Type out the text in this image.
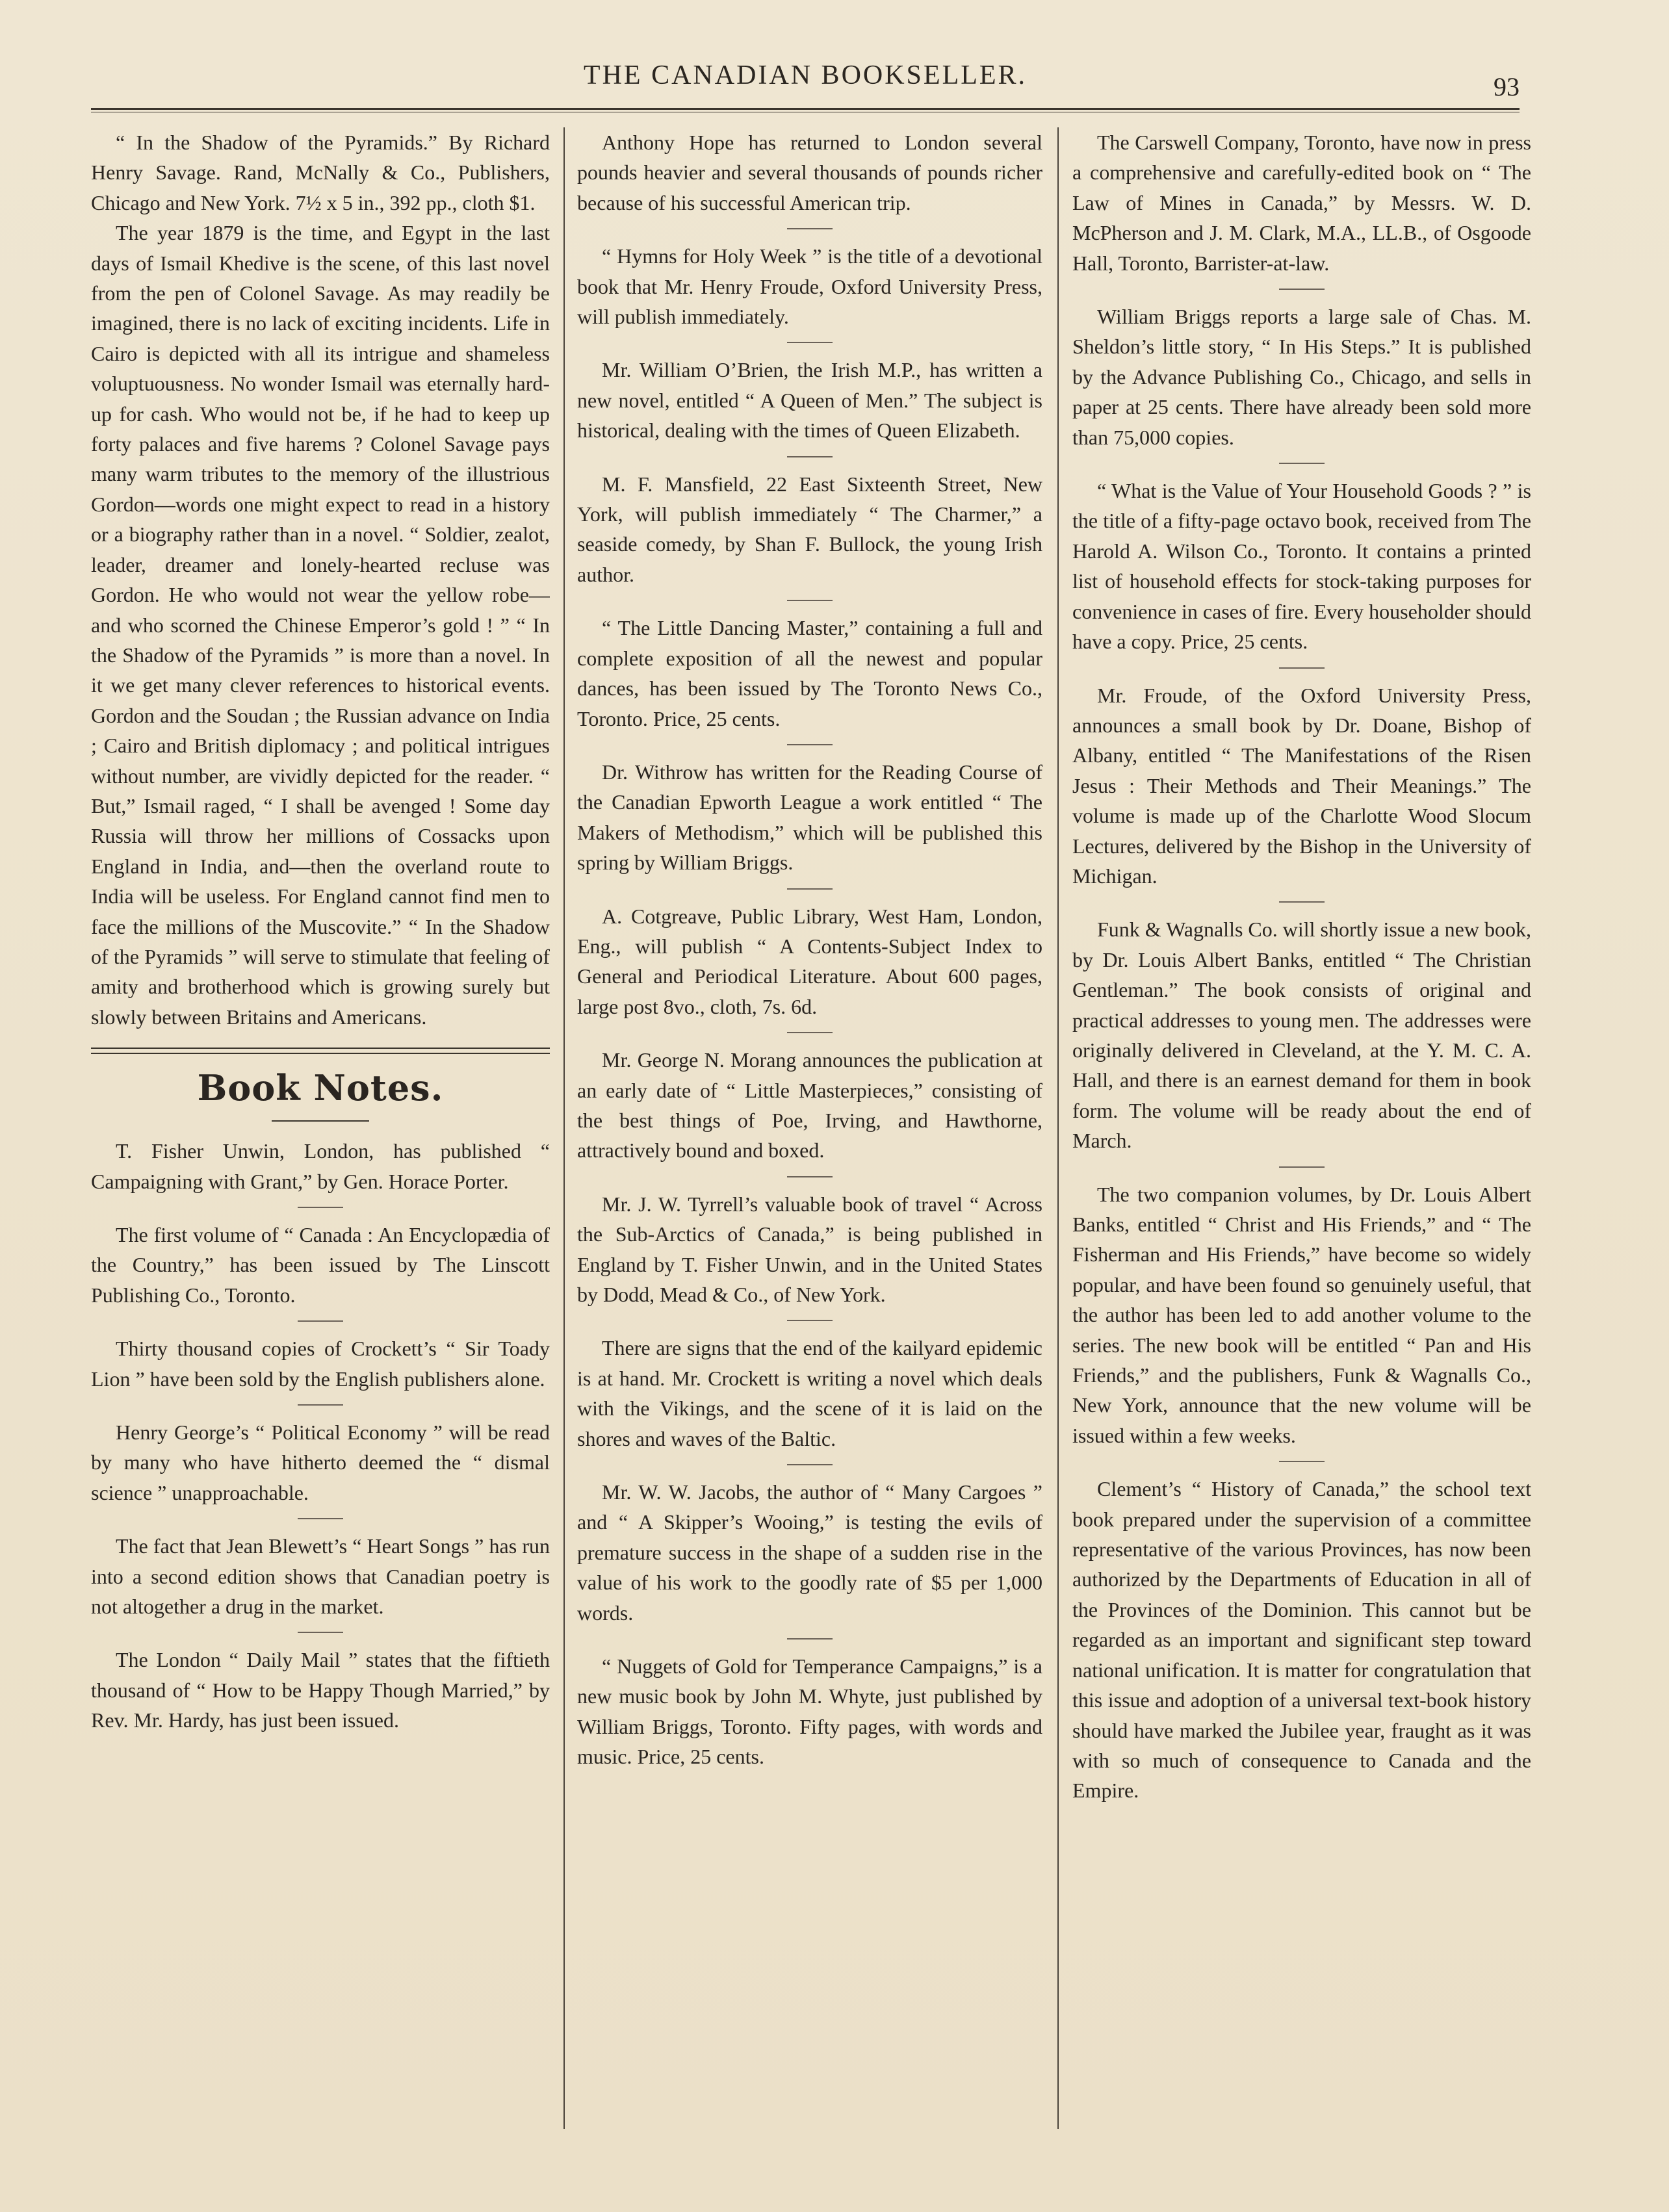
THE CANADIAN BOOKSELLER.	93

“ In the Shadow of the Pyramids.” By Richard Henry Savage. Rand, McNally & Co., Publishers, Chicago and New York. 7½ x 5 in., 392 pp., cloth $1.

The year 1879 is the time, and Egypt in the last days of Ismail Khedive is the scene, of this last novel from the pen of Colonel Savage. As may readily be imagined, there is no lack of exciting incidents. Life in Cairo is depicted with all its intrigue and shameless voluptuousness. No wonder Ismail was eternally hard-up for cash. Who would not be, if he had to keep up forty palaces and five harems ? Colonel Savage pays many warm tributes to the memory of the illustrious Gordon—words one might expect to read in a history or a biography rather than in a novel. “ Soldier, zealot, leader, dreamer and lonely-hearted recluse was Gordon. He who would not wear the yellow robe—and who scorned the Chinese Emperor’s gold ! ” “ In the Shadow of the Pyramids ” is more than a novel. In it we get many clever references to historical events. Gordon and the Soudan ; the Russian advance on India ; Cairo and British diplomacy ; and political intrigues without number, are vividly depicted for the reader. “ But,” Ismail raged, “ I shall be avenged ! Some day Russia will throw her millions of Cossacks upon England in India, and—then the overland route to India will be useless. For England cannot find men to face the millions of the Muscovite.” “ In the Shadow of the Pyramids ” will serve to stimulate that feeling of amity and brotherhood which is growing surely but slowly between Britains and Americans.

Book Notes.

T. Fisher Unwin, London, has published “ Campaigning with Grant,” by Gen. Horace Porter.

The first volume of “ Canada : An Encyclopædia of the Country,” has been issued by The Linscott Publishing Co., Toronto.

Thirty thousand copies of Crockett’s “ Sir Toady Lion ” have been sold by the English publishers alone.

Henry George’s “ Political Economy ” will be read by many who have hitherto deemed the “ dismal science ” unapproachable.

The fact that Jean Blewett’s “ Heart Songs ” has run into a second edition shows that Canadian poetry is not altogether a drug in the market.

The London “ Daily Mail ” states that the fiftieth thousand of “ How to be Happy Though Married,” by Rev. Mr. Hardy, has just been issued.

Anthony Hope has returned to London several pounds heavier and several thousands of pounds richer because of his successful American trip.

“ Hymns for Holy Week ” is the title of a devotional book that Mr. Henry Froude, Oxford University Press, will publish immediately.

Mr. William O’Brien, the Irish M.P., has written a new novel, entitled “ A Queen of Men.” The subject is historical, dealing with the times of Queen Elizabeth.

M. F. Mansfield, 22 East Sixteenth Street, New York, will publish immediately “ The Charmer,” a seaside comedy, by Shan F. Bullock, the young Irish author.

“ The Little Dancing Master,” containing a full and complete exposition of all the newest and popular dances, has been issued by The Toronto News Co., Toronto. Price, 25 cents.

Dr. Withrow has written for the Reading Course of the Canadian Epworth League a work entitled “ The Makers of Methodism,” which will be published this spring by William Briggs.

A. Cotgreave, Public Library, West Ham, London, Eng., will publish “ A Contents-Subject Index to General and Periodical Literature. About 600 pages, large post 8vo., cloth, 7s. 6d.

Mr. George N. Morang announces the publication at an early date of “ Little Masterpieces,” consisting of the best things of Poe, Irving, and Hawthorne, attractively bound and boxed.

Mr. J. W. Tyrrell’s valuable book of travel “ Across the Sub-Arctics of Canada,” is being published in England by T. Fisher Unwin, and in the United States by Dodd, Mead & Co., of New York.

There are signs that the end of the kailyard epidemic is at hand. Mr. Crockett is writing a novel which deals with the Vikings, and the scene of it is laid on the shores and waves of the Baltic.

Mr. W. W. Jacobs, the author of “ Many Cargoes ” and “ A Skipper’s Wooing,” is testing the evils of premature success in the shape of a sudden rise in the value of his work to the goodly rate of $5 per 1,000 words.

“ Nuggets of Gold for Temperance Campaigns,” is a new music book by John M. Whyte, just published by William Briggs, Toronto. Fifty pages, with words and music. Price, 25 cents.

The Carswell Company, Toronto, have now in press a comprehensive and carefully-edited book on “ The Law of Mines in Canada,” by Messrs. W. D. McPherson and J. M. Clark, M.A., LL.B., of Osgoode Hall, Toronto, Barrister-at-law.

William Briggs reports a large sale of Chas. M. Sheldon’s little story, “ In His Steps.” It is published by the Advance Publishing Co., Chicago, and sells in paper at 25 cents. There have already been sold more than 75,000 copies.

“ What is the Value of Your Household Goods ? ” is the title of a fifty-page octavo book, received from The Harold A. Wilson Co., Toronto. It contains a printed list of household effects for stock-taking purposes for convenience in cases of fire. Every householder should have a copy. Price, 25 cents.

Mr. Froude, of the Oxford University Press, announces a small book by Dr. Doane, Bishop of Albany, entitled “ The Manifestations of the Risen Jesus : Their Methods and Their Meanings.” The volume is made up of the Charlotte Wood Slocum Lectures, delivered by the Bishop in the University of Michigan.

Funk & Wagnalls Co. will shortly issue a new book, by Dr. Louis Albert Banks, entitled “ The Christian Gentleman.” The book consists of original and practical addresses to young men. The addresses were originally delivered in Cleveland, at the Y. M. C. A. Hall, and there is an earnest demand for them in book form. The volume will be ready about the end of March.

The two companion volumes, by Dr. Louis Albert Banks, entitled “ Christ and His Friends,” and “ The Fisherman and His Friends,” have become so widely popular, and have been found so genuinely useful, that the author has been led to add another volume to the series. The new book will be entitled “ Pan and His Friends,” and the publishers, Funk & Wagnalls Co., New York, announce that the new volume will be issued within a few weeks.

Clement’s “ History of Canada,” the school text book prepared under the supervision of a committee representative of the various Provinces, has now been authorized by the Departments of Education in all of the Provinces of the Dominion. This cannot but be regarded as an important and significant step toward national unification. It is matter for congratulation that this issue and adoption of a universal text-book history should have marked the Jubilee year, fraught as it was with so much of consequence to Canada and the Empire.
